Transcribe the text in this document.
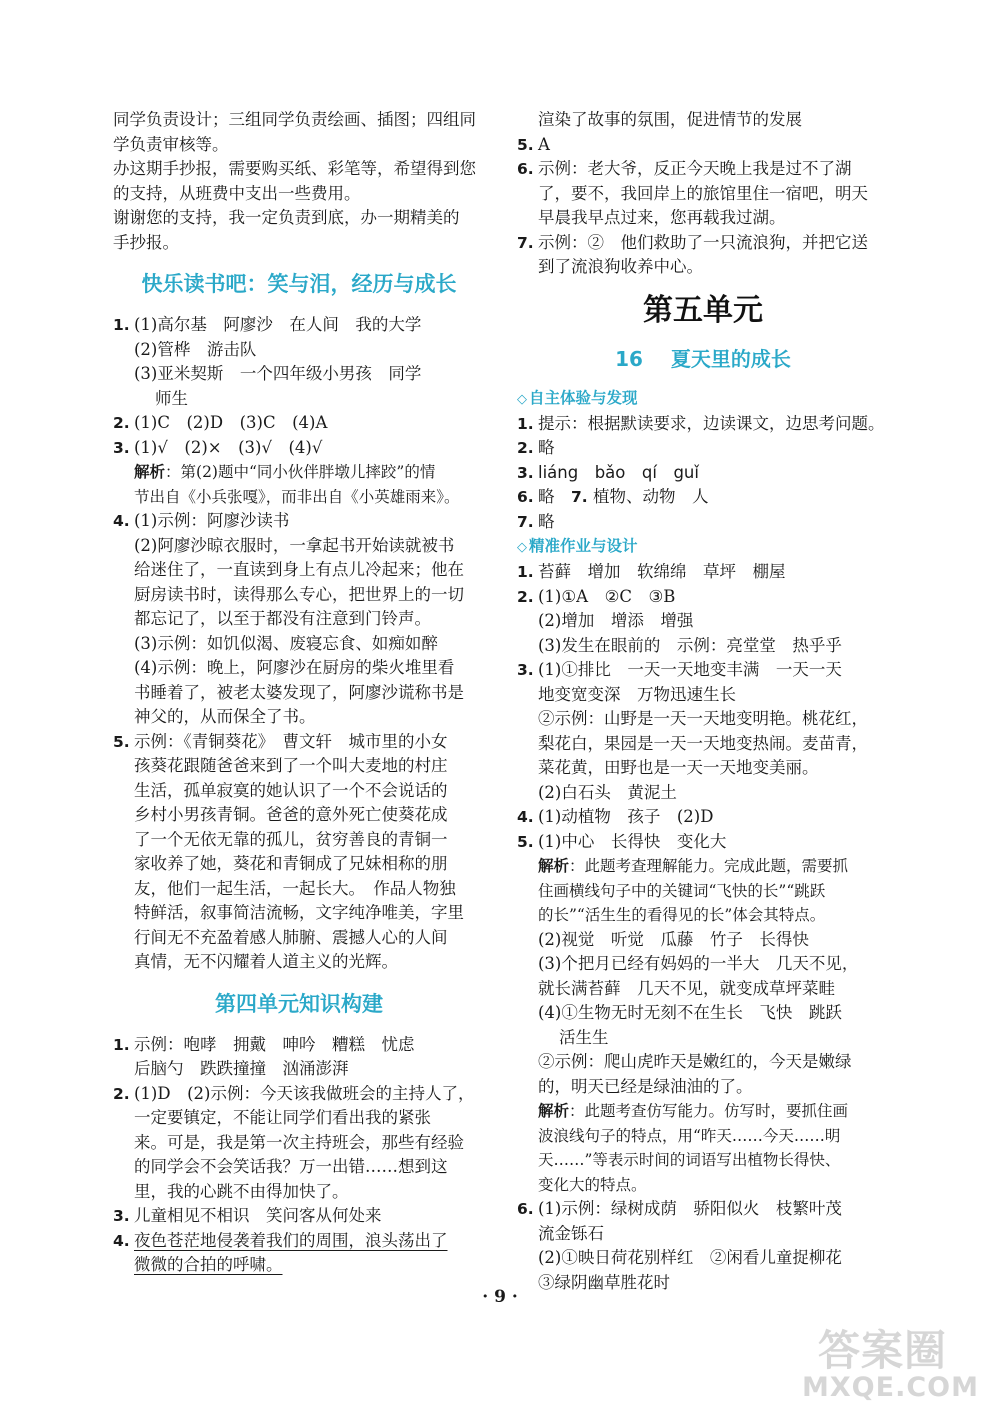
同学负责设计；三组同学负责绘画、插图；四组同

学负责审核等。

办这期手抄报，需要购买纸、彩笔等，希望得到您

的支持，从班费中支出一些费用。

谢谢您的支持，我一定负责到底，办一期精美的

手抄报。

快乐读书吧：笑与泪，经历与成长
1. (1)高尔基　阿廖沙　在人间　我的大学
(2)管桦　游击队
(3)亚米契斯　一个四年级小男孩　同学
师生
2. (1)C　(2)D　(3)C　(4)A
3. (1)√　(2)×　(3)√　(4)√
解析：第(2)题中“同小伙伴胖墩儿摔跤”的情
节出自《小兵张嘎》，而非出自《小英雄雨来》。
4. (1)示例：阿廖沙读书
(2)阿廖沙晾衣服时，一拿起书开始读就被书
给迷住了，一直读到身上有点儿冷起来；他在
厨房读书时，读得那么专心，把世界上的一切
都忘记了，以至于都没有注意到门铃声。
(3)示例：如饥似渴、废寝忘食、如痴如醉
(4)示例：晚上，阿廖沙在厨房的柴火堆里看
书睡着了，被老太婆发现了，阿廖沙谎称书是
神父的，从而保全了书。
5. 示例：《青铜葵花》　曹文轩　城市里的小女
孩葵花跟随爸爸来到了一个叫大麦地的村庄
生活，孤单寂寞的她认识了一个不会说话的
乡村小男孩青铜。爸爸的意外死亡使葵花成
了一个无依无靠的孤儿，贫穷善良的青铜一
家收养了她，葵花和青铜成了兄妹相称的朋
友，他们一起生活，一起长大。　作品人物独
特鲜活，叙事简洁流畅，文字纯净唯美，字里
行间无不充盈着感人肺腑、震撼人心的人间
真情，无不闪耀着人道主义的光辉。
第四单元知识构建
1. 示例：咆哮　拥戴　呻吟　糟糕　忧虑
后脑勺　跌跌撞撞　汹涌澎湃
2. (1)D　(2)示例：今天该我做班会的主持人了，
一定要镇定，不能让同学们看出我的紧张
来。可是，我是第一次主持班会，那些有经验
的同学会不会笑话我？万一出错……想到这
里，我的心跳不由得加快了。
3. 儿童相见不相识　笑问客从何处来
4. 夜色苍茫地侵袭着我们的周围，浪头荡出了
微微的合拍的呼啸。
渲染了故事的氛围，促进情节的发展
5. A
6. 示例：老大爷，反正今天晚上我是过不了湖
了，要不，我回岸上的旅馆里住一宿吧，明天
早晨我早点过来，您再载我过湖。
7. 示例：②　他们救助了一只流浪狗，并把它送
到了流浪狗收养中心。
第五单元
16 夏天里的成长
◇ 自主体验与发现
1. 提示：根据默读要求，边读课文，边思考问题。
2. 略
3. liáng　bǎo　qí　guǐ
6. 略 7. 植物、动物　人
7. 略
◇ 精准作业与设计
1. 苔藓　增加　软绵绵　草坪　棚屋
2. (1)①A　②C　③B
(2)增加　增添　增强
(3)发生在眼前的　示例：亮堂堂　热乎乎
3. (1)①排比　一天一天地变丰满　一天一天
地变宽变深　万物迅速生长
②示例：山野是一天一天地变明艳。桃花红，
梨花白，果园是一天一天地变热闹。麦苗青，
菜花黄，田野也是一天一天地变美丽。
(2)白石头　黄泥土
4. (1)动植物　孩子　(2)D
5. (1)中心　长得快　变化大
解析：此题考查理解能力。完成此题，需要抓
住画横线句子中的关键词“飞快的长”“跳跃
的长”“活生生的看得见的长”体会其特点。
(2)视觉　听觉　瓜藤　竹子　长得快
(3)个把月已经有妈妈的一半大　几天不见，
就长满苔藓　几天不见，就变成草坪菜畦
(4)①生物无时无刻不在生长　飞快　跳跃
活生生
②示例：爬山虎昨天是嫩红的，今天是嫩绿
的，明天已经是绿油油的了。
解析：此题考查仿写能力。仿写时，要抓住画
波浪线句子的特点，用“昨天……今天……明
天……”等表示时间的词语写出植物长得快、
变化大的特点。
6. (1)示例：绿树成荫　骄阳似火　枝繁叶茂
流金铄石
(2)①映日荷花别样红　②闲看儿童捉柳花
③绿阴幽草胜花时
· 9 ·
答案圈
MXQE.COM
